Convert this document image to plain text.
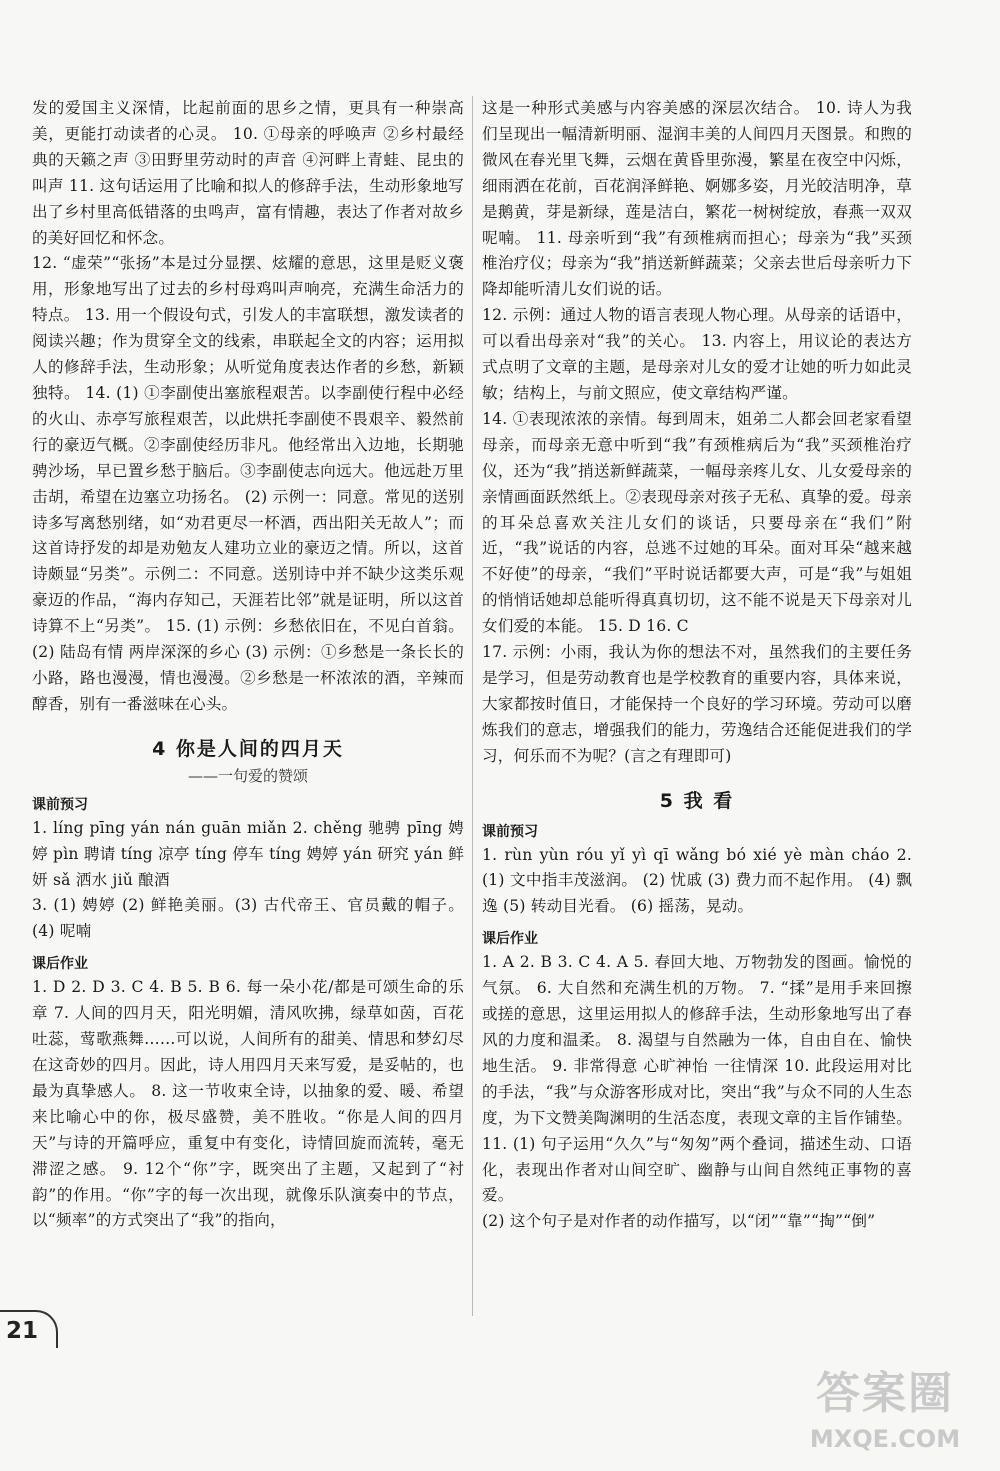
发的爱国主义深情，比起前面的思乡之情，更具有一种崇高美，更能打动读者的心灵。 10. ①母亲的呼唤声 ②乡村最经典的天籁之声 ③田野里劳动时的声音 ④河畔上青蛙、昆虫的叫声 11. 这句话运用了比喻和拟人的修辞手法，生动形象地写出了乡村里高低错落的虫鸣声，富有情趣，表达了作者对故乡的美好回忆和怀念。

12. “虚荣”“张扬”本是过分显摆、炫耀的意思，这里是贬义褒用，形象地写出了过去的乡村母鸡叫声响亮，充满生命活力的特点。 13. 用一个假设句式，引发人的丰富联想，激发读者的阅读兴趣；作为贯穿全文的线索，串联起全文的内容；运用拟人的修辞手法，生动形象；从听觉角度表达作者的乡愁，新颖独特。 14. (1) ①李副使出塞旅程艰苦。以李副使行程中必经的火山、赤亭写旅程艰苦，以此烘托李副使不畏艰辛、毅然前行的豪迈气概。②李副使经历非凡。他经常出入边地，长期驰骋沙场，早已置乡愁于脑后。③李副使志向远大。他远赴万里击胡，希望在边塞立功扬名。 (2) 示例一：同意。常见的送别诗多写离愁别绪，如“劝君更尽一杯酒，西出阳关无故人”；而这首诗抒发的却是劝勉友人建功立业的豪迈之情。所以，这首诗颇显“另类”。示例二：不同意。送别诗中并不缺少这类乐观豪迈的作品，“海内存知己，天涯若比邻”就是证明，所以这首诗算不上“另类”。 15. (1) 示例：乡愁依旧在，不见白首翁。 (2) 陆岛有情 两岸深深的乡心 (3) 示例：①乡愁是一条长长的小路，路也漫漫，情也漫漫。②乡愁是一杯浓浓的酒，辛辣而醇香，别有一番滋味在心头。

4 你是人间的四月天
——一句爱的赞颂
课前预习

1. líng pīng yán nán guān miǎn 2. chěng 驰骋 pīng 娉婷 pìn 聘请 tíng 凉亭 tíng 停车 tíng 娉婷 yán 研究 yán 鲜妍 sǎ 洒水 jiǔ 酿酒

3. (1) 娉婷 (2) 鲜艳美丽。(3) 古代帝王、官员戴的帽子。 (4) 呢喃

课后作业

1. D 2. D 3. C 4. B 5. B 6. 每一朵小花/都是可颂生命的乐章 7. 人间的四月天，阳光明媚，清风吹拂，绿草如茵，百花吐蕊，莺歌燕舞……可以说，人间所有的甜美、情思和梦幻尽在这奇妙的四月。因此，诗人用四月天来写爱，是妥帖的，也最为真挚感人。 8. 这一节收束全诗，以抽象的爱、暖、希望来比喻心中的你，极尽盛赞，美不胜收。“你是人间的四月天”与诗的开篇呼应，重复中有变化，诗情回旋而流转，毫无滞涩之感。 9. 12个“你”字，既突出了主题，又起到了“衬韵”的作用。“你”字的每一次出现，就像乐队演奏中的节点，以“频率”的方式突出了“我”的指向，

这是一种形式美感与内容美感的深层次结合。 10. 诗人为我们呈现出一幅清新明丽、湿润丰美的人间四月天图景。和煦的微风在春光里飞舞，云烟在黄昏里弥漫，繁星在夜空中闪烁，细雨洒在花前，百花润泽鲜艳、婀娜多姿，月光皎洁明净，草是鹅黄，芽是新绿，莲是洁白，繁花一树树绽放，春燕一双双呢喃。 11. 母亲听到“我”有颈椎病而担心；母亲为“我”买颈椎治疗仪；母亲为“我”捎送新鲜蔬菜；父亲去世后母亲听力下降却能听清儿女们说的话。

12. 示例：通过人物的语言表现人物心理。从母亲的话语中，可以看出母亲对“我”的关心。 13. 内容上，用议论的表达方式点明了文章的主题，是母亲对儿女的爱才让她的听力如此灵敏；结构上，与前文照应，使文章结构严谨。

14. ①表现浓浓的亲情。每到周末，姐弟二人都会回老家看望母亲，而母亲无意中听到“我”有颈椎病后为“我”买颈椎治疗仪，还为“我”捎送新鲜蔬菜，一幅母亲疼儿女、儿女爱母亲的亲情画面跃然纸上。②表现母亲对孩子无私、真挚的爱。母亲的耳朵总喜欢关注儿女们的谈话，只要母亲在“我们”附近，“我”说话的内容，总逃不过她的耳朵。面对耳朵“越来越不好使”的母亲，“我们”平时说话都要大声，可是“我”与姐姐的悄悄话她却总能听得真真切切，这不能不说是天下母亲对儿女们爱的本能。 15. D 16. C

17. 示例：小雨，我认为你的想法不对，虽然我们的主要任务是学习，但是劳动教育也是学校教育的重要内容，具体来说，大家都按时值日，才能保持一个良好的学习环境。劳动可以磨炼我们的意志，增强我们的能力，劳逸结合还能促进我们的学习，何乐而不为呢？(言之有理即可)

5 我 看
课前预习

1. rùn yùn róu yǐ yì qī wǎng bó xié yè màn cháo 2. (1) 文中指丰茂滋润。 (2) 忧戚 (3) 费力而不起作用。 (4) 飘逸 (5) 转动目光看。 (6) 摇荡，晃动。

课后作业

1. A 2. B 3. C 4. A 5. 春回大地、万物勃发的图画。愉悦的气氛。 6. 大自然和充满生机的万物。 7. “揉”是用手来回擦或搓的意思，这里运用拟人的修辞手法，生动形象地写出了春风的力度和温柔。 8. 渴望与自然融为一体，自由自在、愉快地生活。 9. 非常得意 心旷神怡 一往情深 10. 此段运用对比的手法，“我”与众游客形成对比，突出“我”与众不同的人生态度，为下文赞美陶渊明的生活态度，表现文章的主旨作铺垫。 11. (1) 句子运用“久久”与“匆匆”两个叠词，描述生动、口语化，表现出作者对山间空旷、幽静与山间自然纯正事物的喜爱。

(2) 这个句子是对作者的动作描写，以“闭”“靠”“掏”“倒”

21
答案圈
MXQE.COM
